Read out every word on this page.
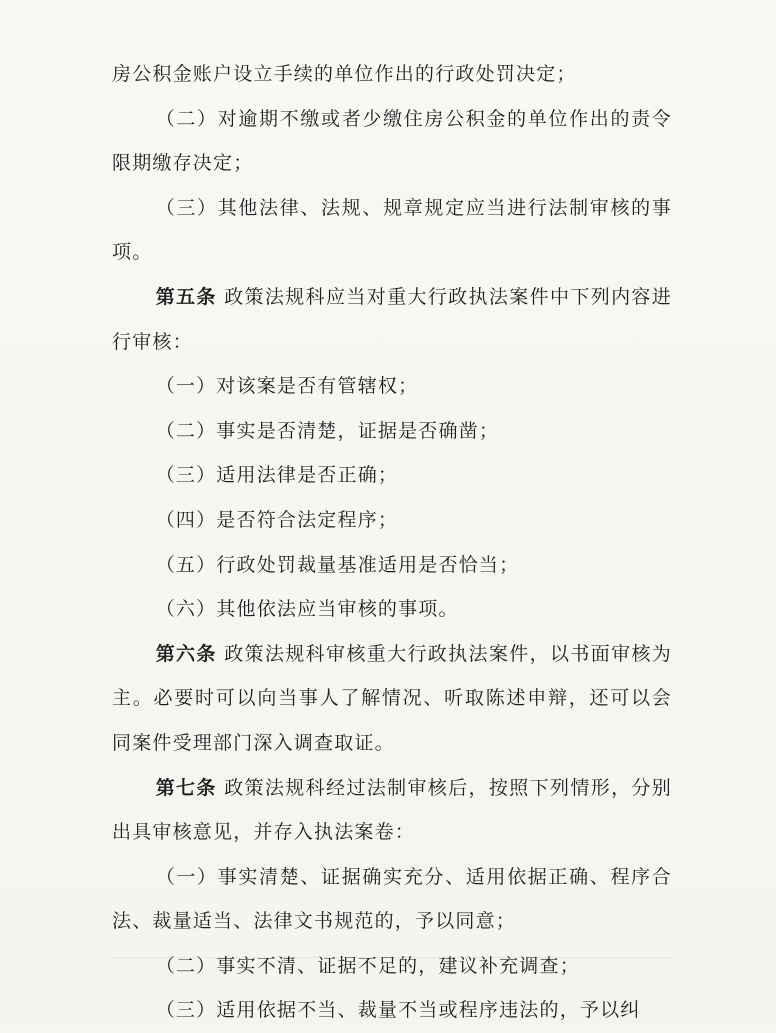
房公积金账户设立手续的单位作出的行政处罚决定；

（二）对逾期不缴或者少缴住房公积金的单位作出的责令限期缴存决定；

（三）其他法律、法规、规章规定应当进行法制审核的事项。

第五条 政策法规科应当对重大行政执法案件中下列内容进行审核：

（一）对该案是否有管辖权；

（二）事实是否清楚，证据是否确凿；

（三）适用法律是否正确；

（四）是否符合法定程序；

（五）行政处罚裁量基准适用是否恰当；

（六）其他依法应当审核的事项。

第六条 政策法规科审核重大行政执法案件，以书面审核为主。必要时可以向当事人了解情况、听取陈述申辩，还可以会同案件受理部门深入调查取证。

第七条 政策法规科经过法制审核后，按照下列情形，分别出具审核意见，并存入执法案卷：

（一）事实清楚、证据确实充分、适用依据正确、程序合法、裁量适当、法律文书规范的，予以同意；

（二）事实不清、证据不足的，建议补充调查；

（三）适用依据不当、裁量不当或程序违法的，予以纠
